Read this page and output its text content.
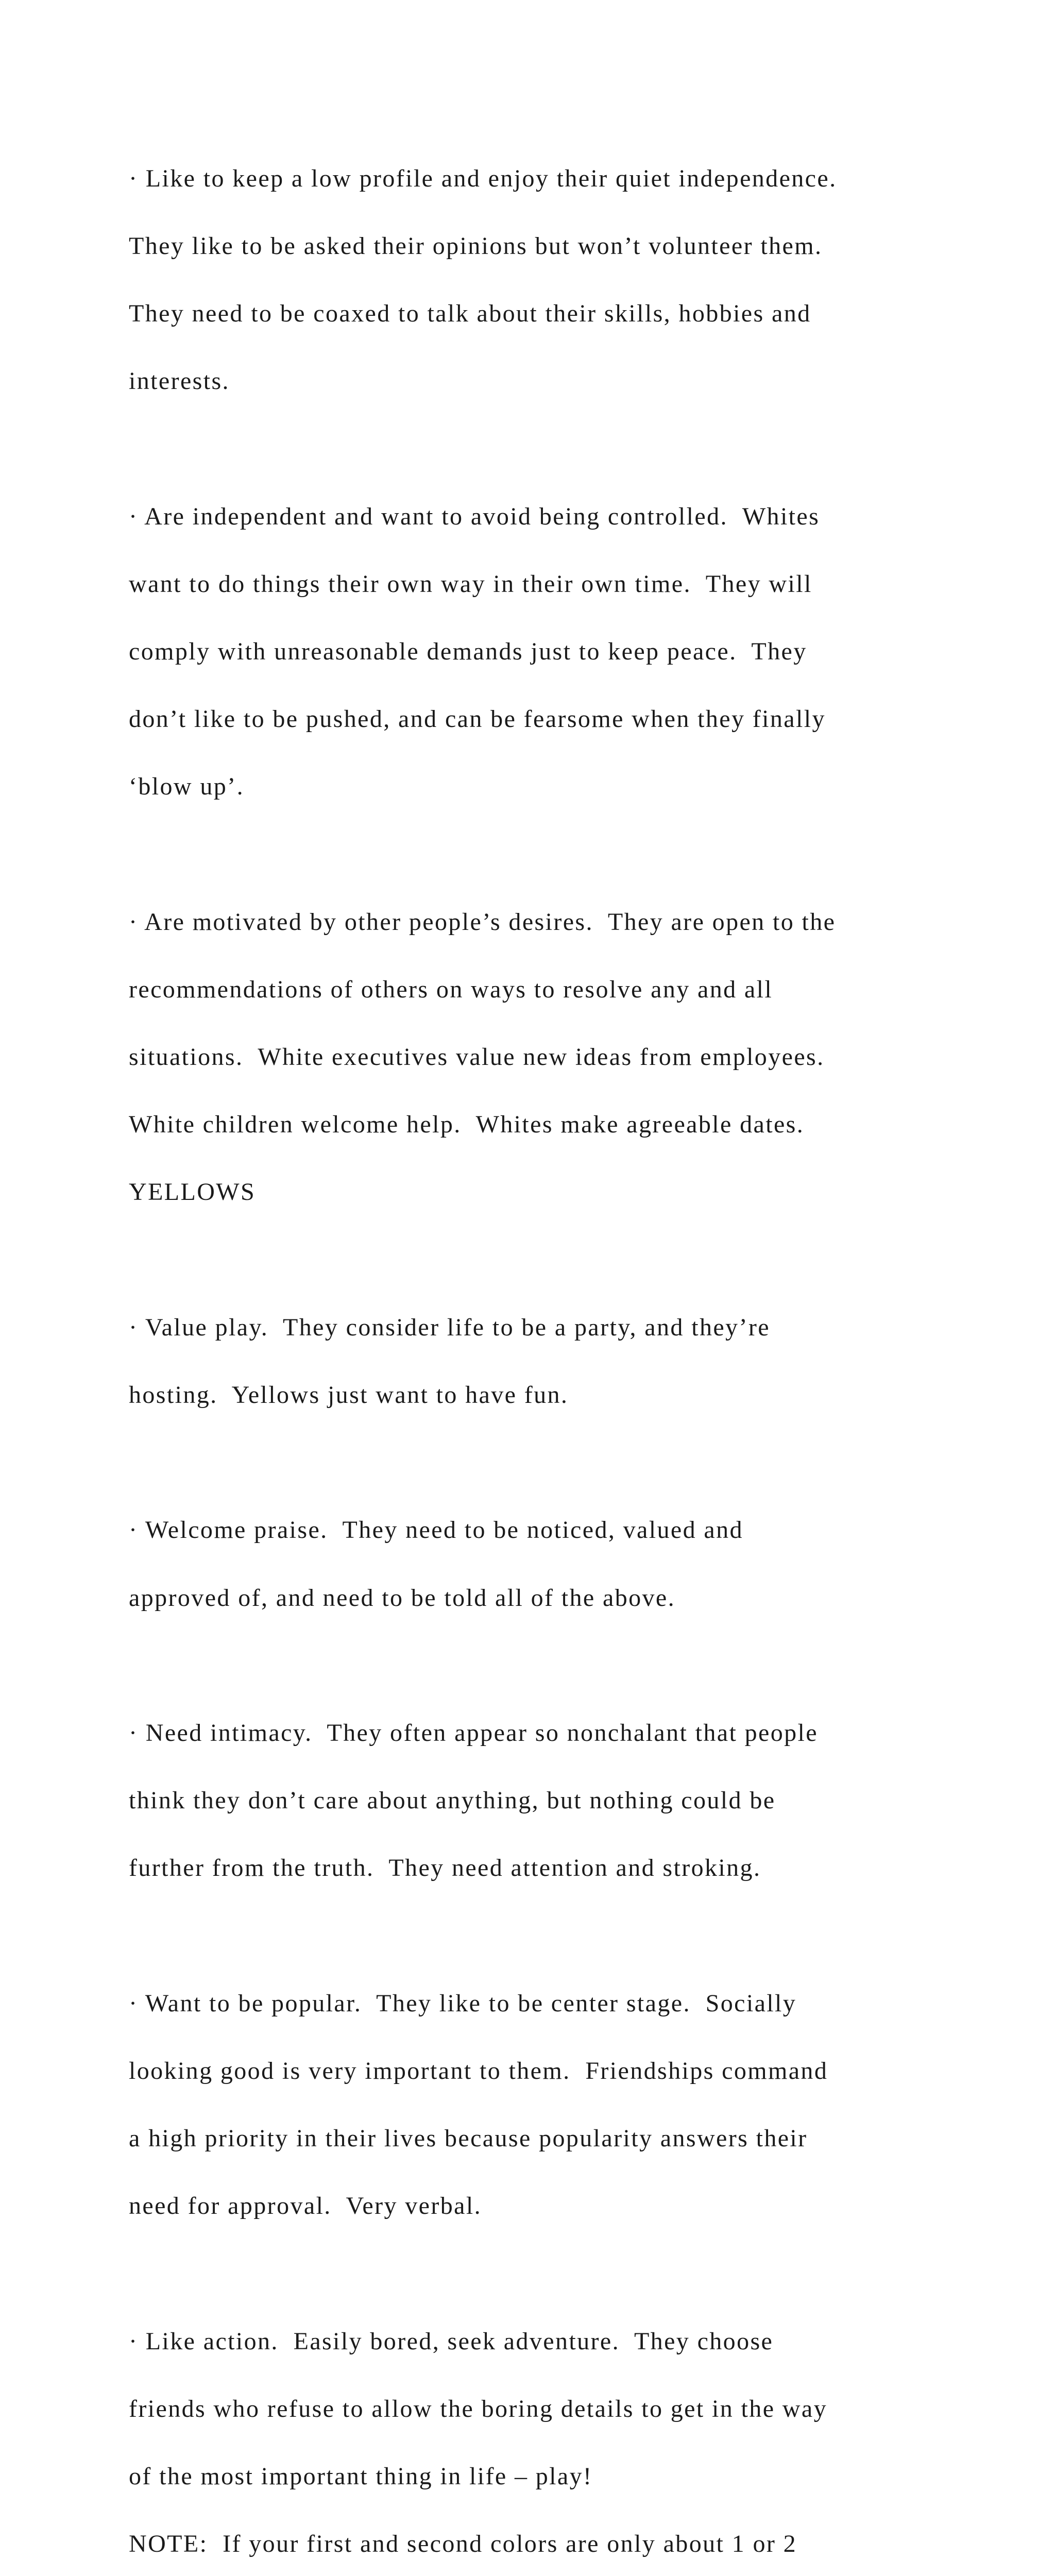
· Like to keep a low profile and enjoy their quiet independence.

They like to be asked their opinions but won’t volunteer them.

They need to be coaxed to talk about their skills, hobbies and

interests.

· Are independent and want to avoid being controlled.  Whites

want to do things their own way in their own time.  They will

comply with unreasonable demands just to keep peace.  They

don’t like to be pushed, and can be fearsome when they finally

‘blow up’.

· Are motivated by other people’s desires.  They are open to the

recommendations of others on ways to resolve any and all

situations.  White executives value new ideas from employees.

White children welcome help.  Whites make agreeable dates.

YELLOWS

· Value play.  They consider life to be a party, and they’re

hosting.  Yellows just want to have fun.

· Welcome praise.  They need to be noticed, valued and

approved of, and need to be told all of the above.

· Need intimacy.  They often appear so nonchalant that people

think they don’t care about anything, but nothing could be

further from the truth.  They need attention and stroking.

· Want to be popular.  They like to be center stage.  Socially

looking good is very important to them.  Friendships command

a high priority in their lives because popularity answers their

need for approval.  Very verbal.

· Like action.  Easily bored, seek adventure.  They choose

friends who refuse to allow the boring details to get in the way

of the most important thing in life – play!

NOTE:  If your first and second colors are only about 1 or 2
